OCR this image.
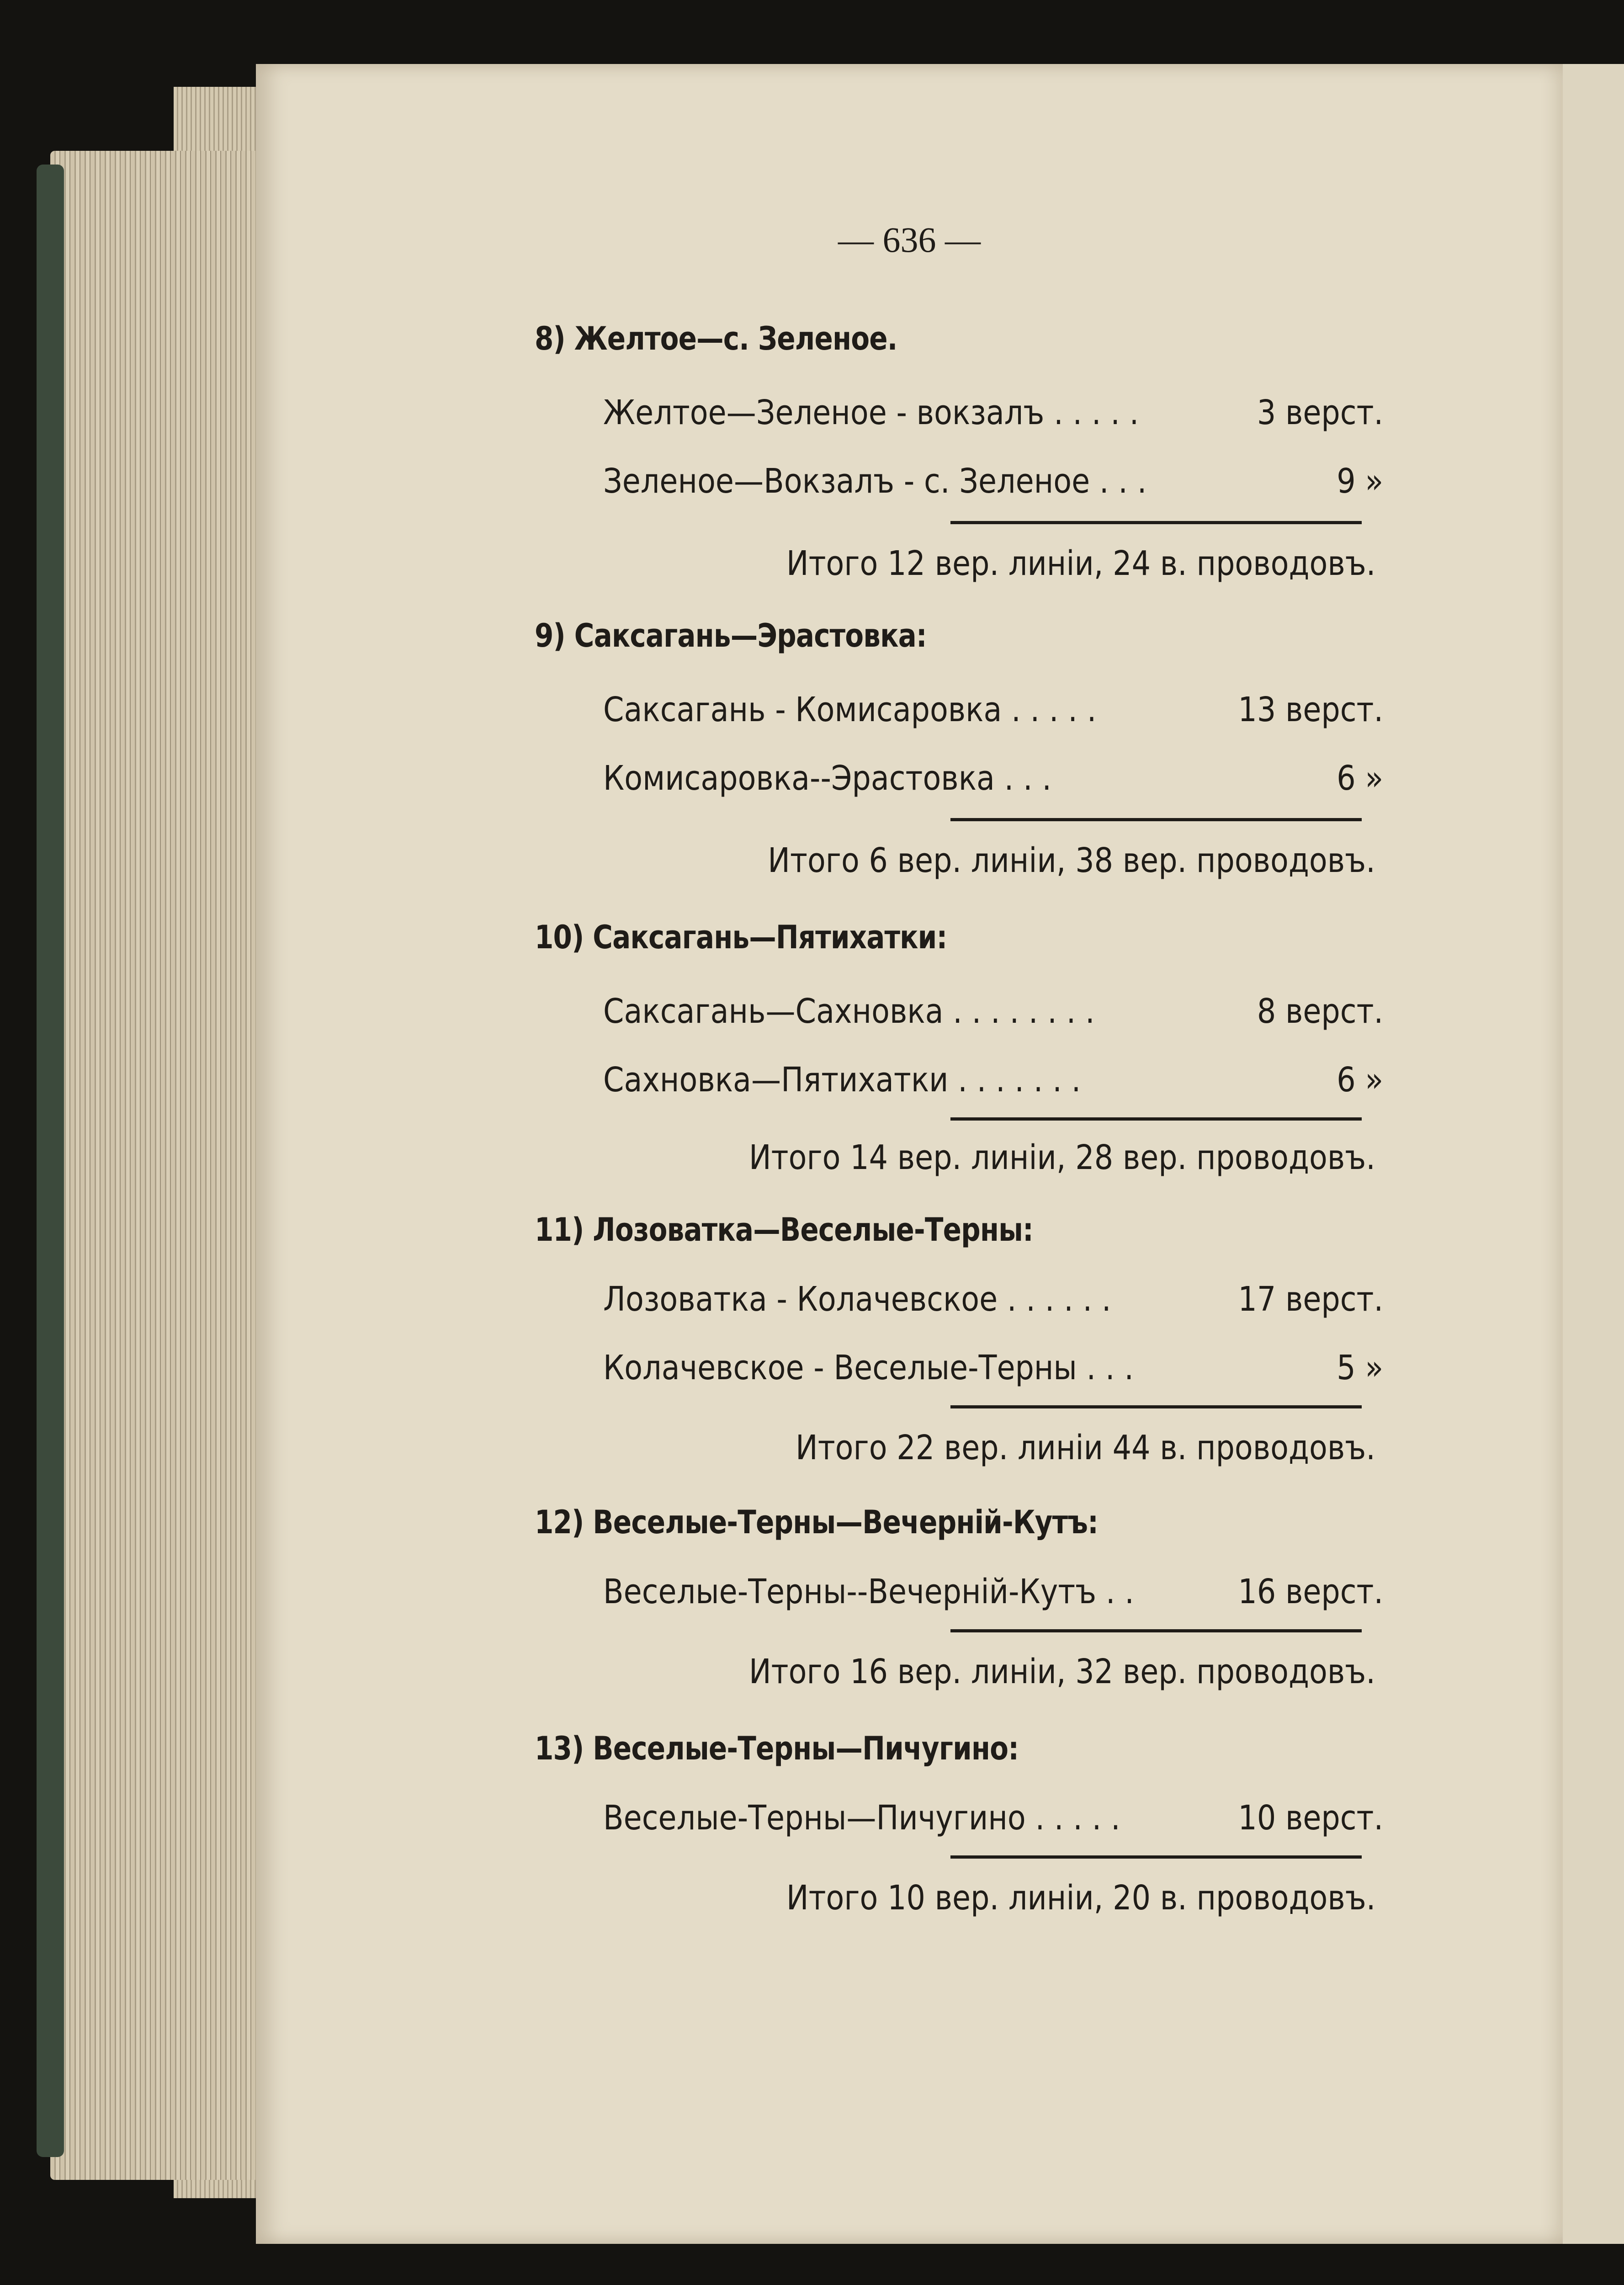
— 636 —
8) Желтое—с. Зеленое.
Желтое—Зеленое - вокзалъ . . . . .	3 верст.
Зеленое—Вокзалъ - с. Зеленое . . .	9 »
Итого 12 вер. линіи, 24 в. проводовъ.
9) Саксагань—Эрастовка:
Саксагань - Комисаровка . . . . .	13 верст.
Комисаровка--Эрастовка . . .	6 »
Итого 6 вер. линіи, 38 вер. проводовъ.
10) Саксагань—Пятихатки:
Саксагань—Сахновка . . . . . . . .	8 верст.
Сахновка—Пятихатки . . . . . . .	6 »
Итого 14 вер. линіи, 28 вер. проводовъ.
11) Лозоватка—Веселые-Терны:
Лозоватка - Колачевское . . . . . .	17 верст.
Колачевское - Веселые-Терны . . .	5 »
Итого 22 вер. линіи 44 в. проводовъ.
12) Веселые-Терны—Вечерній-Кутъ:
Веселые-Терны--Вечерній-Кутъ . .	16 верст.
Итого 16 вер. линіи, 32 вер. проводовъ.
13) Веселые-Терны—Пичугино:
Веселые-Терны—Пичугино . . . . .	10 верст.
Итого 10 вер. линіи, 20 в. проводовъ.
